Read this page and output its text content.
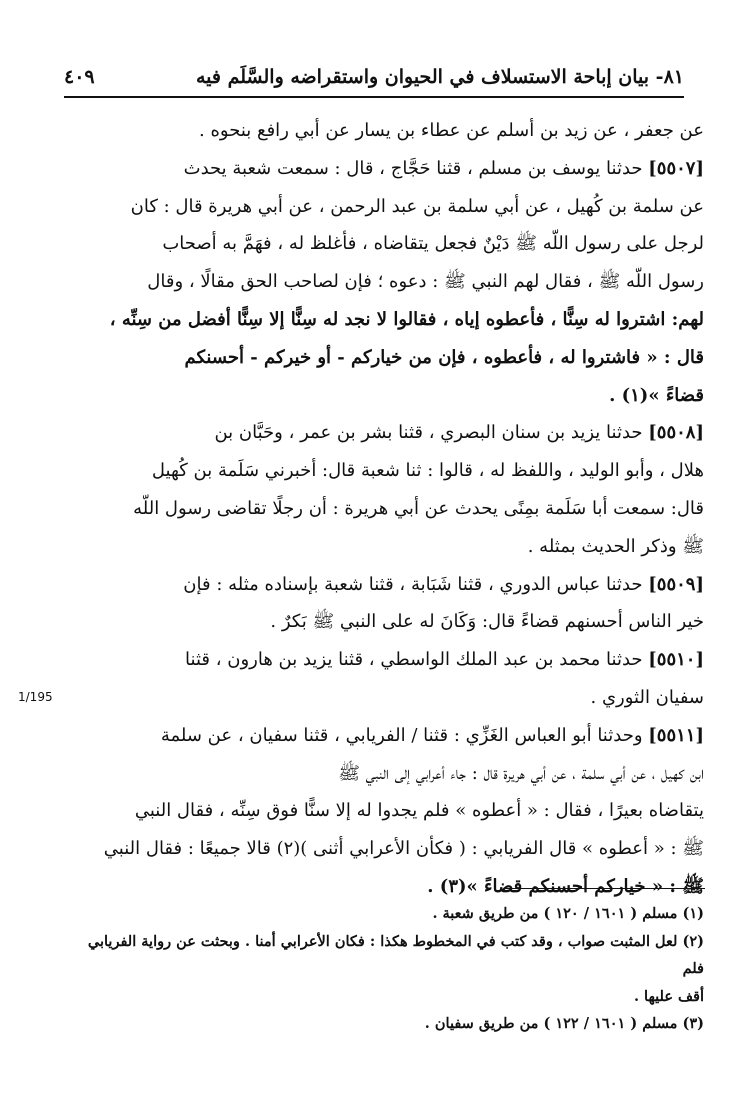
٨١- بيان إباحة الاستسلاف في الحيوان واستقراضه والسَّلَم فيه
٤٠٩
1/195

عن جعفر ، عن زيد بن أسلم عن عطاء بن يسار عن أبي رافع بنحوه .

[٥٥٠٧] حدثنا يوسف بن مسلم ، قثنا حَجَّاج ، قال : سمعت شعبة يحدث

عن سلمة بن كُهيل ، عن أبي سلمة بن عبد الرحمن ، عن أبي هريرة قال : كان

لرجل على رسول اللّه ﷺ دَيْنٌ فجعل يتقاضاه ، فأغلظ له ، فهَمَّ به أصحاب

رسول اللّه ﷺ ، فقال لهم النبي ﷺ : دعوه ؛ فإن لصاحب الحق مقالًا ، وقال

لهم: اشتروا له سِنًّا ، فأعطوه إياه ، فقالوا لا نجد له سِنًّا إلا سِنًّا أفضل من سِنِّه ،

قال : « فاشتروا له ، فأعطوه ، فإن من خياركم - أو خيركم - أحسنكم

قضاءً »(١) .

[٥٥٠٨] حدثنا يزيد بن سنان البصري ، قثنا بشر بن عمر ، وحَبَّان بن

هلال ، وأبو الوليد ، واللفظ له ، قالوا : ثنا شعبة قال: أخبرني سَلَمة بن كُهيل

قال: سمعت أبا سَلَمة بمِنًى يحدث عن أبي هريرة : أن رجلًا تقاضى رسول اللّه

ﷺ وذكر الحديث بمثله .

[٥٥٠٩] حدثنا عباس الدوري ، قثنا شَبَابة ، قثنا شعبة بإسناده مثله : فإن

خير الناس أحسنهم قضاءً قال: وَكَانَ له على النبي ﷺ بَكرٌ .

[٥٥١٠] حدثنا محمد بن عبد الملك الواسطي ، قثنا يزيد بن هارون ، قثنا

سفيان الثوري .

[٥٥١١] وحدثنا أبو العباس الغَزِّي : قثنا / الفريابي ، قثنا سفيان ، عن سلمة

ابن كهيل ، عن أبي سلمة ، عن أبي هريرة قال : جاء أعرابي إلى النبي ﷺ

يتقاضاه بعيرًا ، فقال : « أعطوه » فلم يجدوا له إلا سنًّا فوق سِنِّه ، فقال النبي

ﷺ : « أعطوه » قال الفريابي : ( فكأن الأعرابي أثنى )(٢) قالا جميعًا : فقال النبي

ﷺ : « خياركم أحسنكم قضاءً »(٣) .

(١) مسلم ( ١٦٠١ / ١٢٠ ) من طريق شعبة .

(٢) لعل المثبت صواب ، وقد كتب في المخطوط هكذا : فكان الأعرابي أمنا . وبحثت عن رواية الفريابي فلم

أقف عليها .

(٣) مسلم ( ١٦٠١ / ١٢٢ ) من طريق سفيان .
